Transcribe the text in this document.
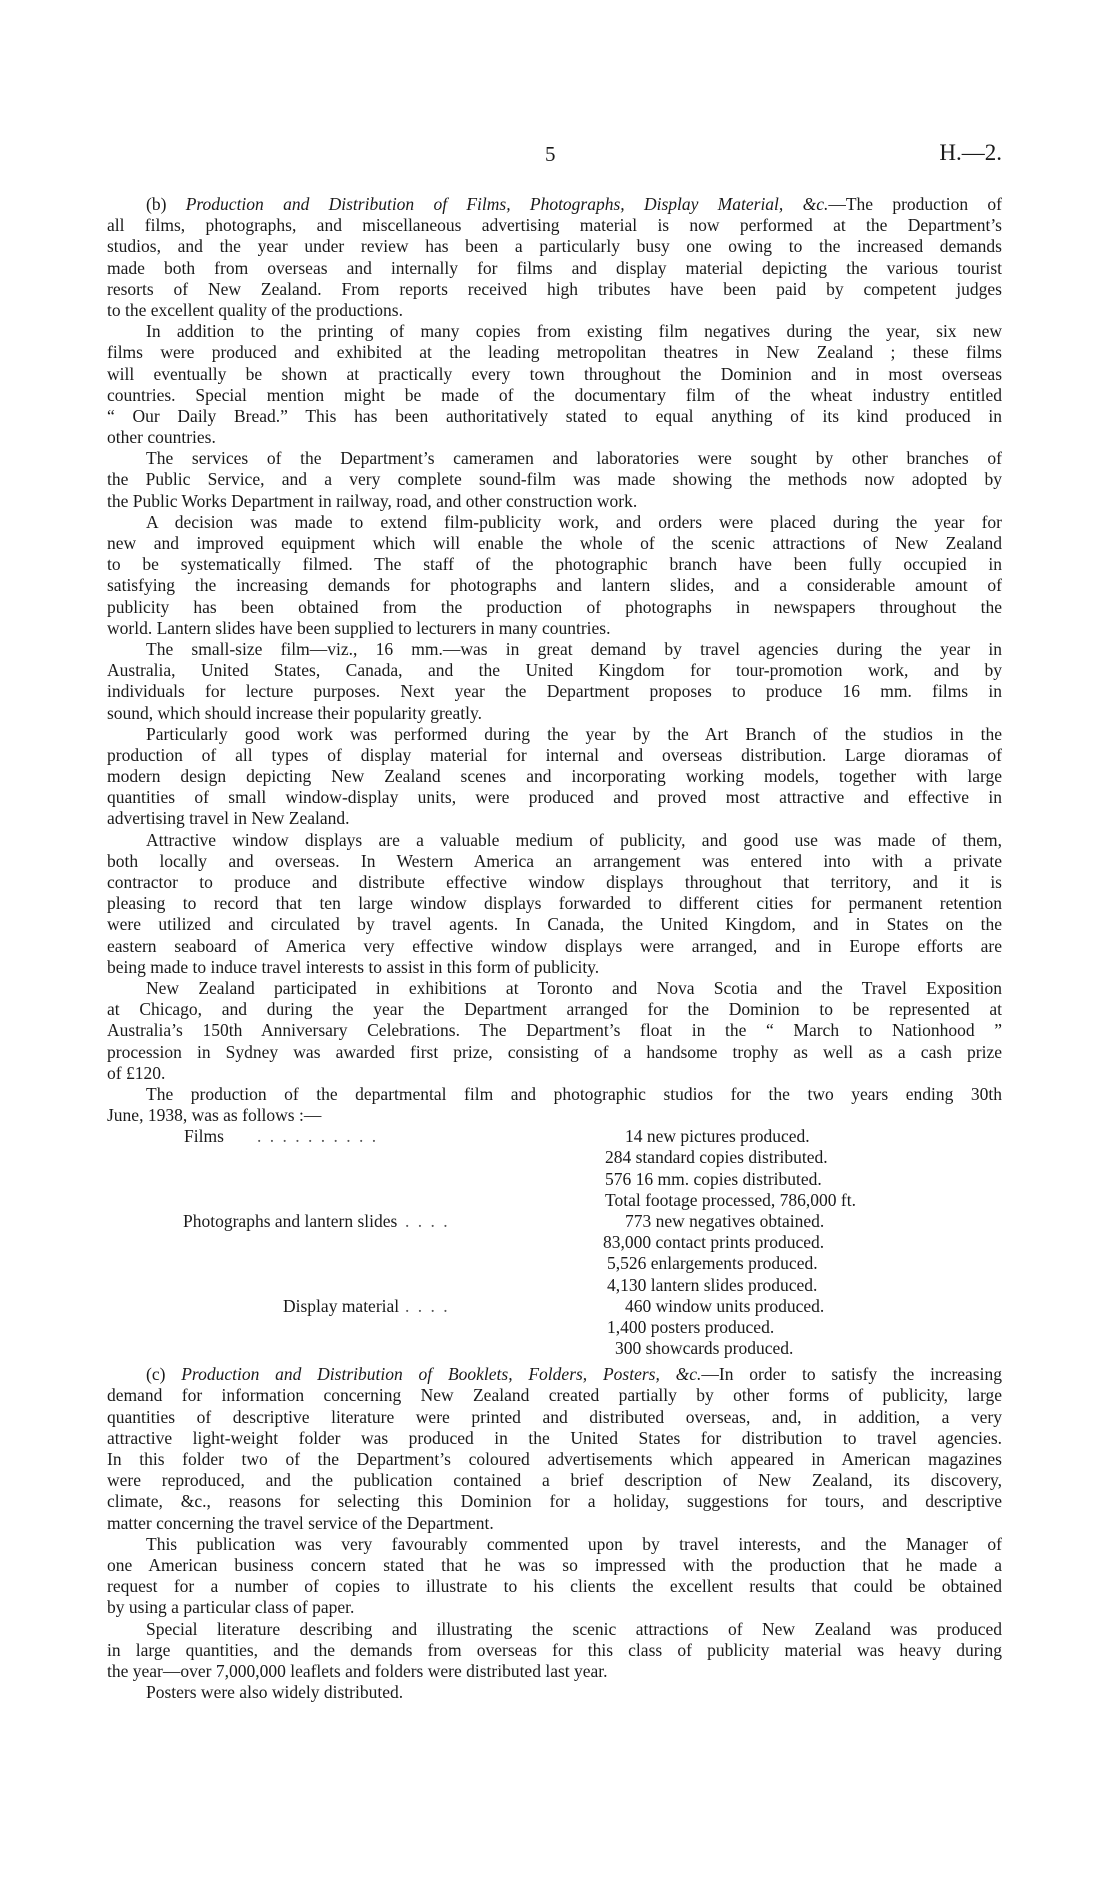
5	H.—2.
(b) Production and Distribution of Films, Photographs, Display Material, &c.—The production of
all films, photographs, and miscellaneous advertising material is now performed at the Department’s
studios, and the year under review has been a particularly busy one owing to the increased demands
made both from overseas and internally for films and display material depicting the various tourist
resorts of New Zealand. From reports received high tributes have been paid by competent judges
to the excellent quality of the productions.
In addition to the printing of many copies from existing film negatives during the year, six new
films were produced and exhibited at the leading metropolitan theatres in New Zealand ; these films
will eventually be shown at practically every town throughout the Dominion and in most overseas
countries. Special mention might be made of the documentary film of the wheat industry entitled
“ Our Daily Bread.” This has been authoritatively stated to equal anything of its kind produced in
other countries.
The services of the Department’s cameramen and laboratories were sought by other branches of
the Public Service, and a very complete sound-film was made showing the methods now adopted by
the Public Works Department in railway, road, and other construction work.
A decision was made to extend film-publicity work, and orders were placed during the year for
new and improved equipment which will enable the whole of the scenic attractions of New Zealand
to be systematically filmed. The staff of the photographic branch have been fully occupied in
satisfying the increasing demands for photographs and lantern slides, and a considerable amount of
publicity has been obtained from the production of photographs in newspapers throughout the
world. Lantern slides have been supplied to lecturers in many countries.
The small-size film—viz., 16 mm.—was in great demand by travel agencies during the year in
Australia, United States, Canada, and the United Kingdom for tour-promotion work, and by
individuals for lecture purposes. Next year the Department proposes to produce 16 mm. films in
sound, which should increase their popularity greatly.
Particularly good work was performed during the year by the Art Branch of the studios in the
production of all types of display material for internal and overseas distribution. Large dioramas of
modern design depicting New Zealand scenes and incorporating working models, together with large
quantities of small window-display units, were produced and proved most attractive and effective in
advertising travel in New Zealand.
Attractive window displays are a valuable medium of publicity, and good use was made of them,
both locally and overseas. In Western America an arrangement was entered into with a private
contractor to produce and distribute effective window displays throughout that territory, and it is
pleasing to record that ten large window displays forwarded to different cities for permanent retention
were utilized and circulated by travel agents. In Canada, the United Kingdom, and in States on the
eastern seaboard of America very effective window displays were arranged, and in Europe efforts are
being made to induce travel interests to assist in this form of publicity.
New Zealand participated in exhibitions at Toronto and Nova Scotia and the Travel Exposition
at Chicago, and during the year the Department arranged for the Dominion to be represented at
Australia’s 150th Anniversary Celebrations. The Department’s float in the “ March to Nationhood ”
procession in Sydney was awarded first prize, consisting of a handsome trophy as well as a cash prize
of £120.
The production of the departmental film and photographic studios for the two years ending 30th
June, 1938, was as follows :—
Films . . . . . . . . . .	14 new pictures produced.
284 standard copies distributed.
576 16 mm. copies distributed.
Total footage processed, 786,000 ft.
Photographs and lantern slides . . . .	773 new negatives obtained.
83,000 contact prints produced.
5,526 enlargements produced.
4,130 lantern slides produced.
Display material . . . .	460 window units produced.
1,400 posters produced.
300 showcards produced.
(c) Production and Distribution of Booklets, Folders, Posters, &c.—In order to satisfy the increasing
demand for information concerning New Zealand created partially by other forms of publicity, large
quantities of descriptive literature were printed and distributed overseas, and, in addition, a very
attractive light-weight folder was produced in the United States for distribution to travel agencies.
In this folder two of the Department’s coloured advertisements which appeared in American magazines
were reproduced, and the publication contained a brief description of New Zealand, its discovery,
climate, &c., reasons for selecting this Dominion for a holiday, suggestions for tours, and descriptive
matter concerning the travel service of the Department.
This publication was very favourably commented upon by travel interests, and the Manager of
one American business concern stated that he was so impressed with the production that he made a
request for a number of copies to illustrate to his clients the excellent results that could be obtained
by using a particular class of paper.
Special literature describing and illustrating the scenic attractions of New Zealand was produced
in large quantities, and the demands from overseas for this class of publicity material was heavy during
the year—over 7,000,000 leaflets and folders were distributed last year.
Posters were also widely distributed.
